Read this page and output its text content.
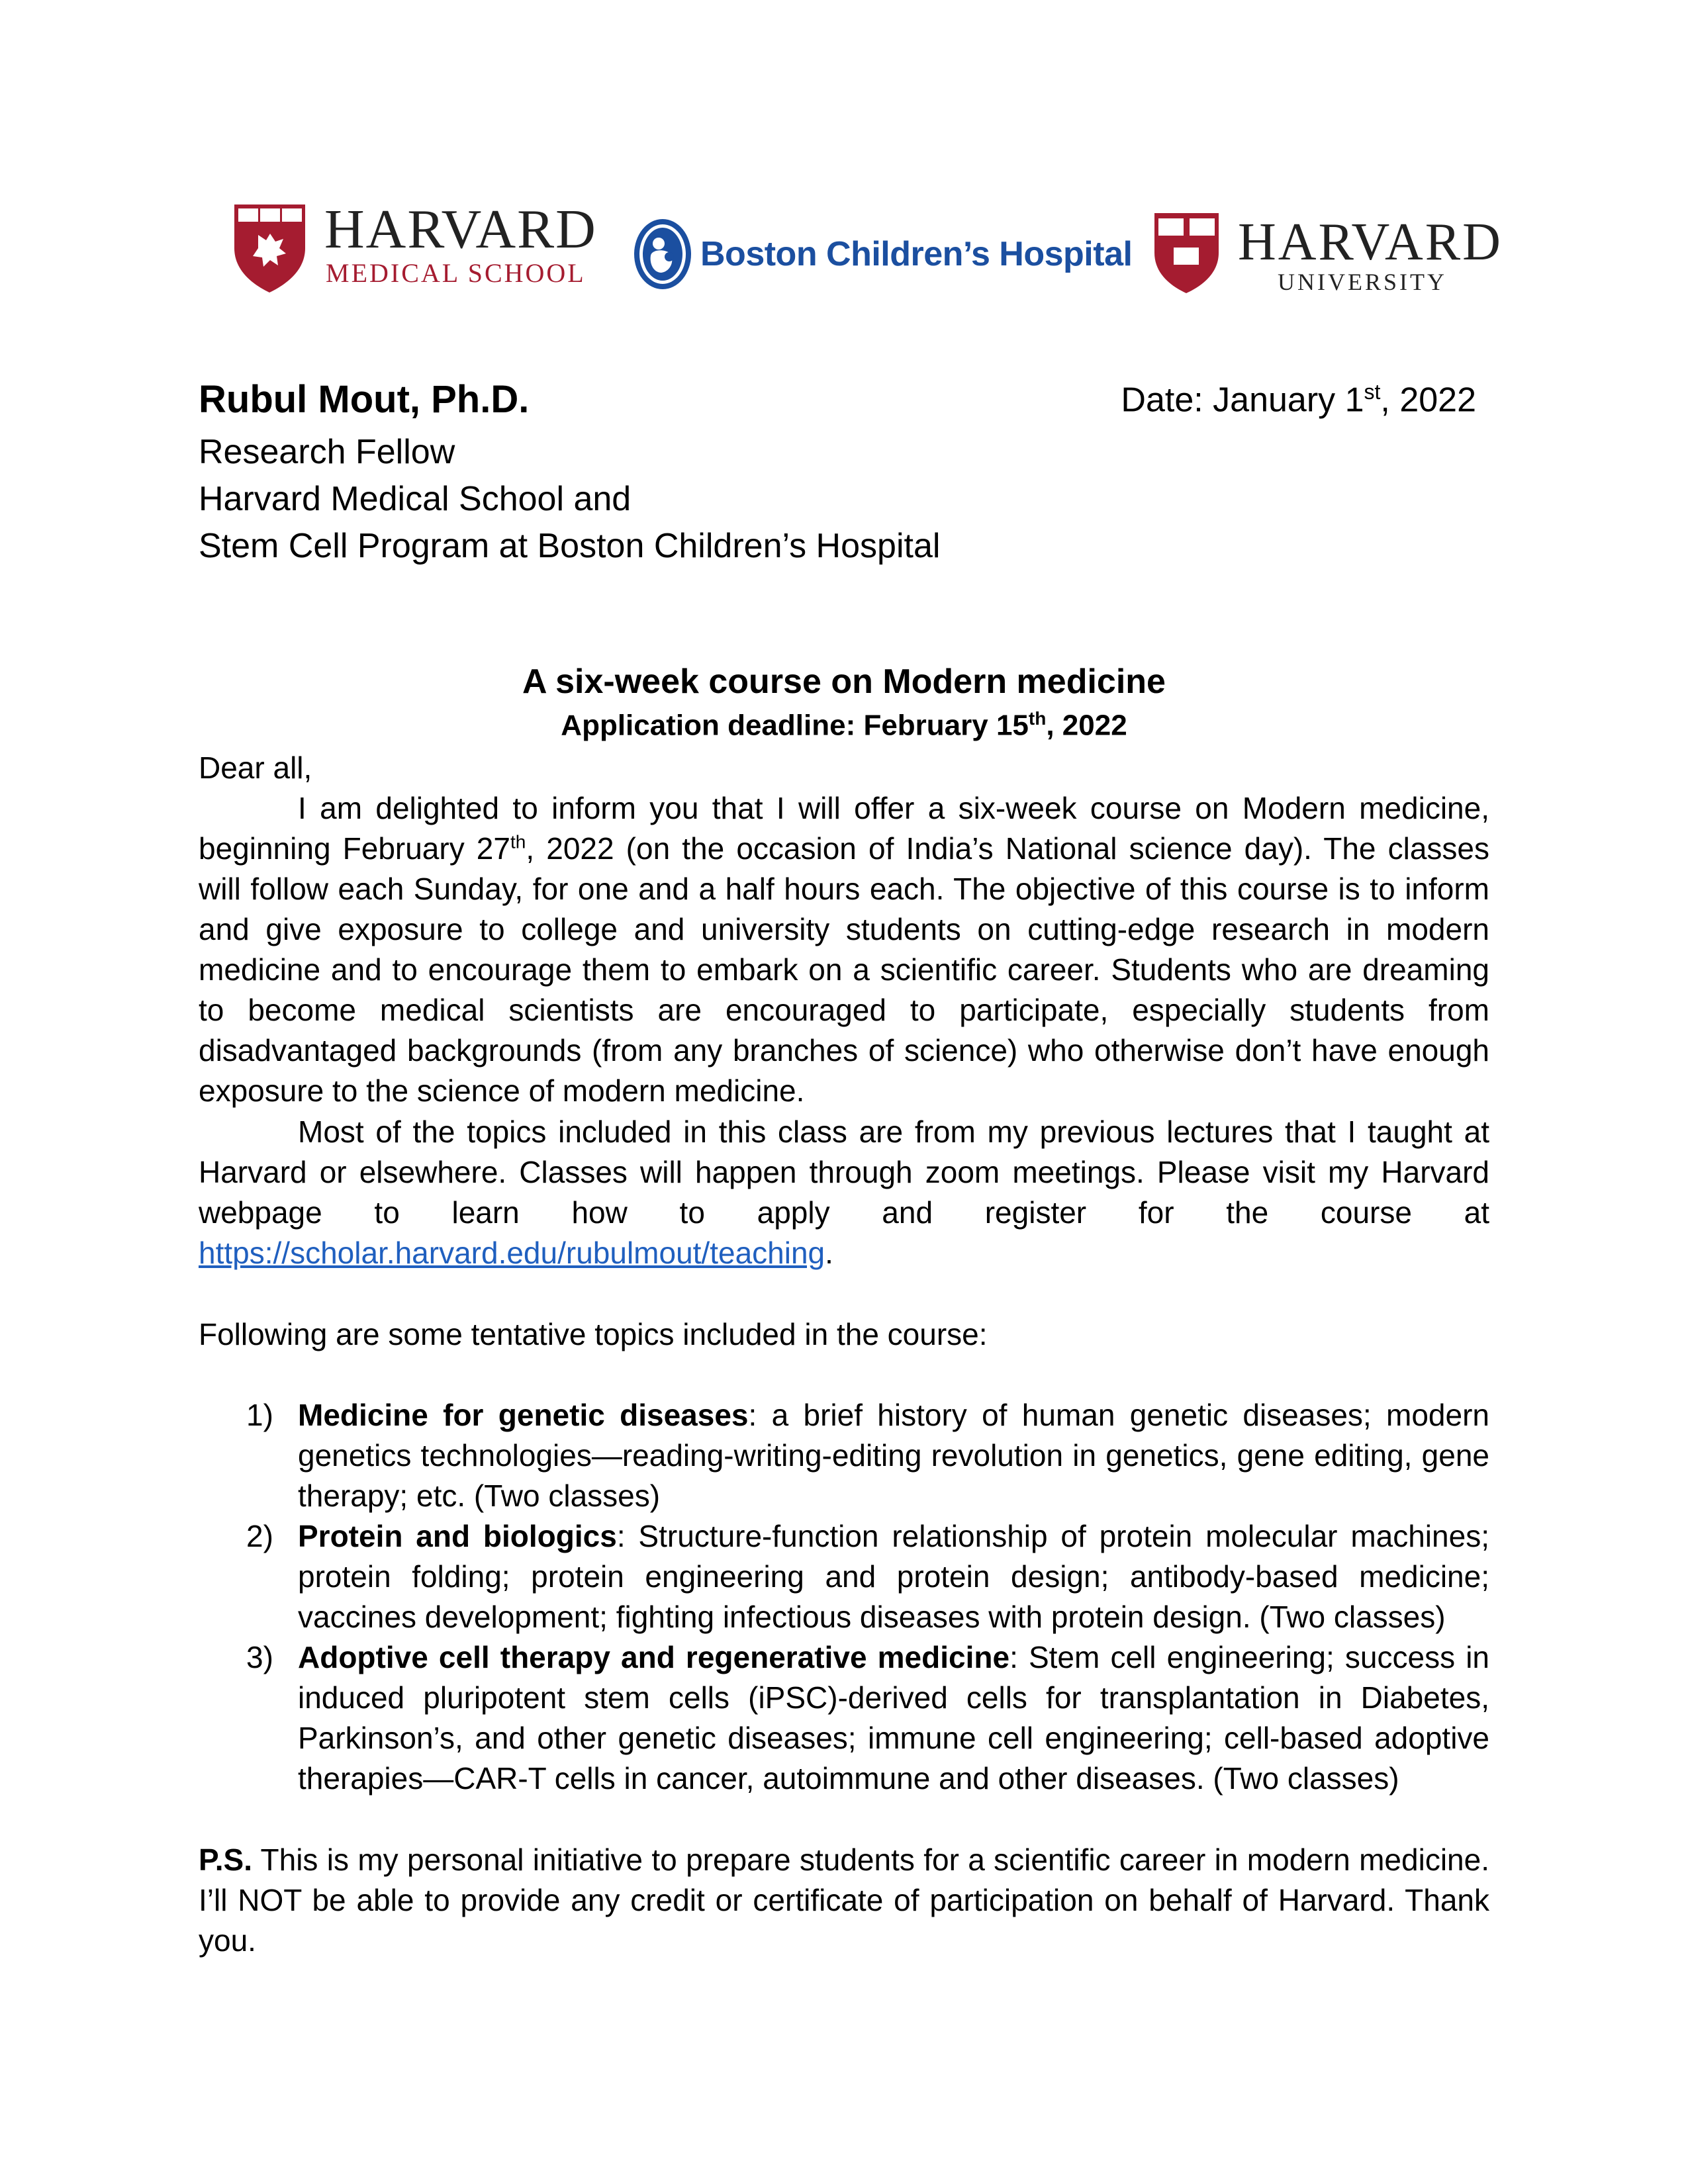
HARVARD
MEDICAL SCHOOL	Boston Children’s Hospital HARVARD
UNIVERSITY
Rubul Mout, Ph.D.	Date: January 1st, 2022
Research Fellow
Harvard Medical School and
Stem Cell Program at Boston Children’s Hospital
A six-week course on Modern medicine
Application deadline: February 15th, 2022
Dear all,

I am delighted to inform you that I will offer a six-week course on Modern medicine, beginning February 27th, 2022 (on the occasion of India’s National science day). The classes will follow each Sunday, for one and a half hours each. The objective of this course is to inform and give exposure to college and university students on cutting-edge research in modern medicine and to encourage them to embark on a scientific career. Students who are dreaming to become medical scientists are encouraged to participate, especially students from disadvantaged backgrounds (from any branches of science) who otherwise don’t have enough exposure to the science of modern medicine.

Most of the topics included in this class are from my previous lectures that I taught at Harvard or elsewhere. Classes will happen through zoom meetings. Please visit my Harvard webpage to learn how to apply and register for the course at https://scholar.harvard.edu/rubulmout/teaching.

Following are some tentative topics included in the course:
1) Medicine for genetic diseases: a brief history of human genetic diseases; modern genetics technologies—reading-writing-editing revolution in genetics, gene editing, gene therapy; etc. (Two classes)
2) Protein and biologics: Structure-function relationship of protein molecular machines; protein folding; protein engineering and protein design; antibody-based medicine; vaccines development; fighting infectious diseases with protein design. (Two classes)
3) Adoptive cell therapy and regenerative medicine: Stem cell engineering; success in induced pluripotent stem cells (iPSC)-derived cells for transplantation in Diabetes, Parkinson’s, and other genetic diseases; immune cell engineering; cell-based adoptive therapies—CAR-T cells in cancer, autoimmune and other diseases. (Two classes)

P.S. This is my personal initiative to prepare students for a scientific career in modern medicine. I’ll NOT be able to provide any credit or certificate of participation on behalf of Harvard. Thank you.
